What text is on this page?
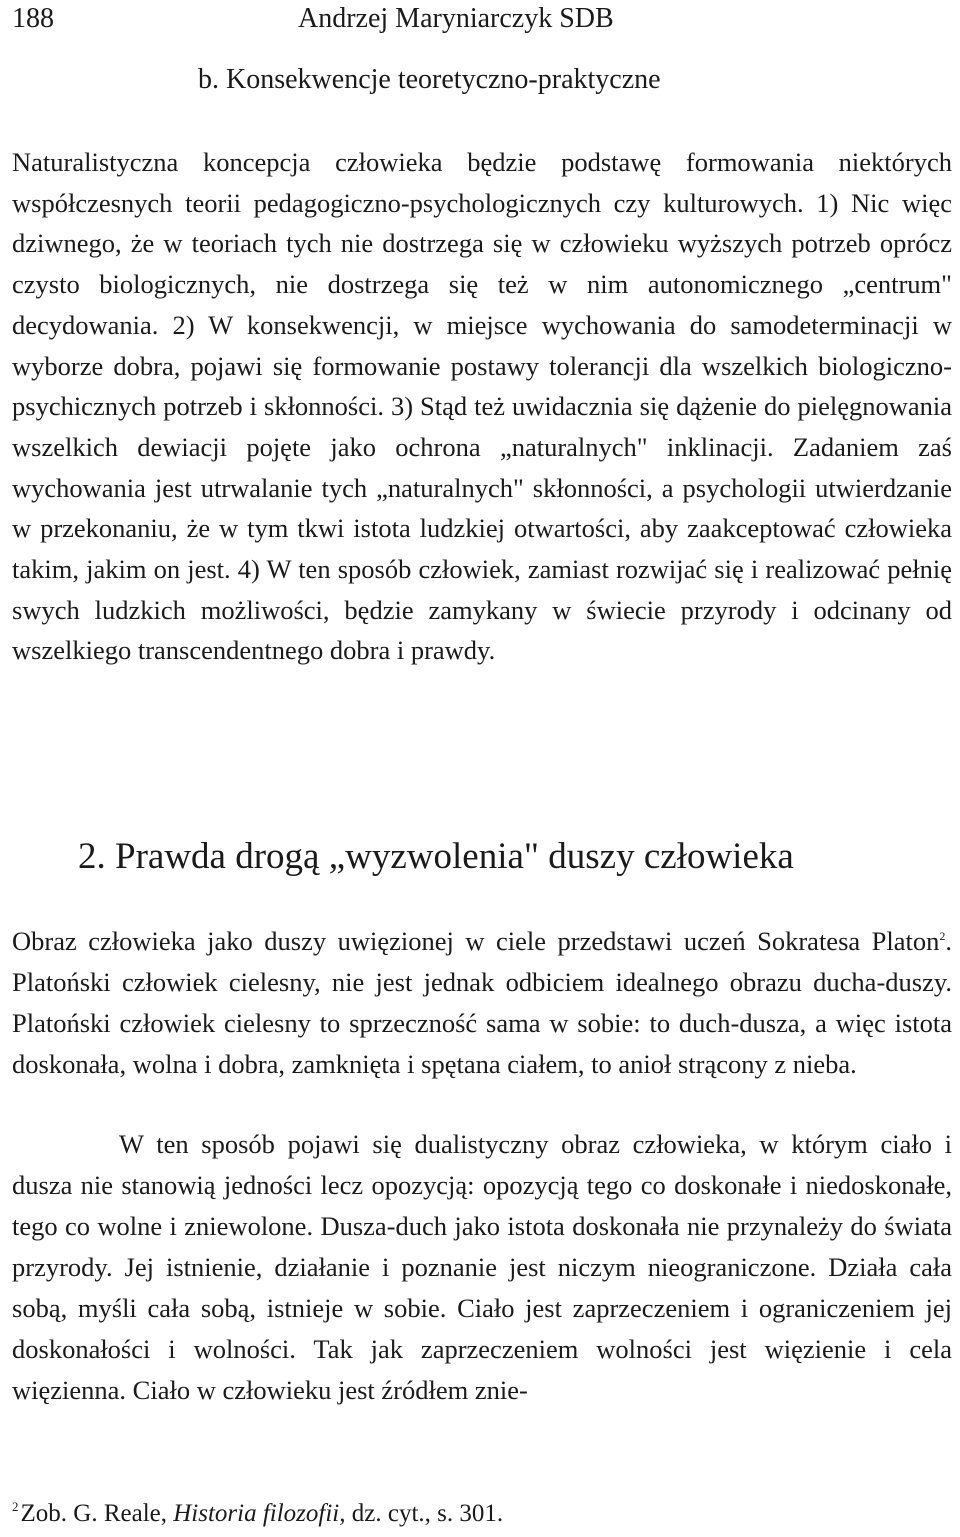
188	Andrzej Maryniarczyk SDB
b. Konsekwencje teoretyczno-praktyczne

Naturalistyczna koncepcja człowieka będzie podstawę formowania niektórych współczesnych teorii pedagogiczno-psychologicznych czy kulturowych. 1) Nic więc dziwnego, że w teoriach tych nie dostrzega się w człowieku wyższych potrzeb oprócz czysto biologicznych, nie dostrzega się też w nim autonomicznego „centrum" decydowania. 2) W konsekwencji, w miejsce wychowania do samodeterminacji w wyborze dobra, pojawi się formowanie postawy tolerancji dla wszelkich biologiczno-psychicznych potrzeb i skłonności. 3) Stąd też uwidacznia się dążenie do pielęgnowania wszelkich dewiacji pojęte jako ochrona „naturalnych" inklinacji. Zadaniem zaś wychowania jest utrwalanie tych „naturalnych" skłonności, a psychologii utwierdzanie w przekonaniu, że w tym tkwi istota ludzkiej otwartości, aby zaakceptować człowieka takim, jakim on jest. 4) W ten sposób człowiek, zamiast rozwijać się i realizować pełnię swych ludzkich możliwości, będzie zamykany w świecie przyrody i odcinany od wszelkiego transcendentnego dobra i prawdy.

2. Prawda drogą „wyzwolenia" duszy człowieka

Obraz człowieka jako duszy uwięzionej w ciele przedstawi uczeń Sokratesa Platon$^2$. Platoński człowiek cielesny, nie jest jednak odbiciem idealnego obrazu ducha-duszy. Platoński człowiek cielesny to sprzeczność sama w sobie: to duch-dusza, a więc istota doskonała, wolna i dobra, zamknięta i spętana ciałem, to anioł strącony z nieba.

W ten sposób pojawi się dualistyczny obraz człowieka, w którym ciało i dusza nie stanowią jedności lecz opozycją: opozycją tego co doskonałe i niedoskonałe, tego co wolne i zniewolone. Dusza-duch jako istota doskonała nie przynależy do świata przyrody. Jej istnienie, działanie i poznanie jest niczym nieograniczone. Działa cała sobą, myśli cała sobą, istnieje w sobie. Ciało jest zaprzeczeniem i ograniczeniem jej doskonałości i wolności. Tak jak zaprzeczeniem wolności jest więzienie i cela więzienna. Ciało w człowieku jest źródłem znie-

$^2$Zob. G. Reale, Historia filozofii, dz. cyt., s. 301.
